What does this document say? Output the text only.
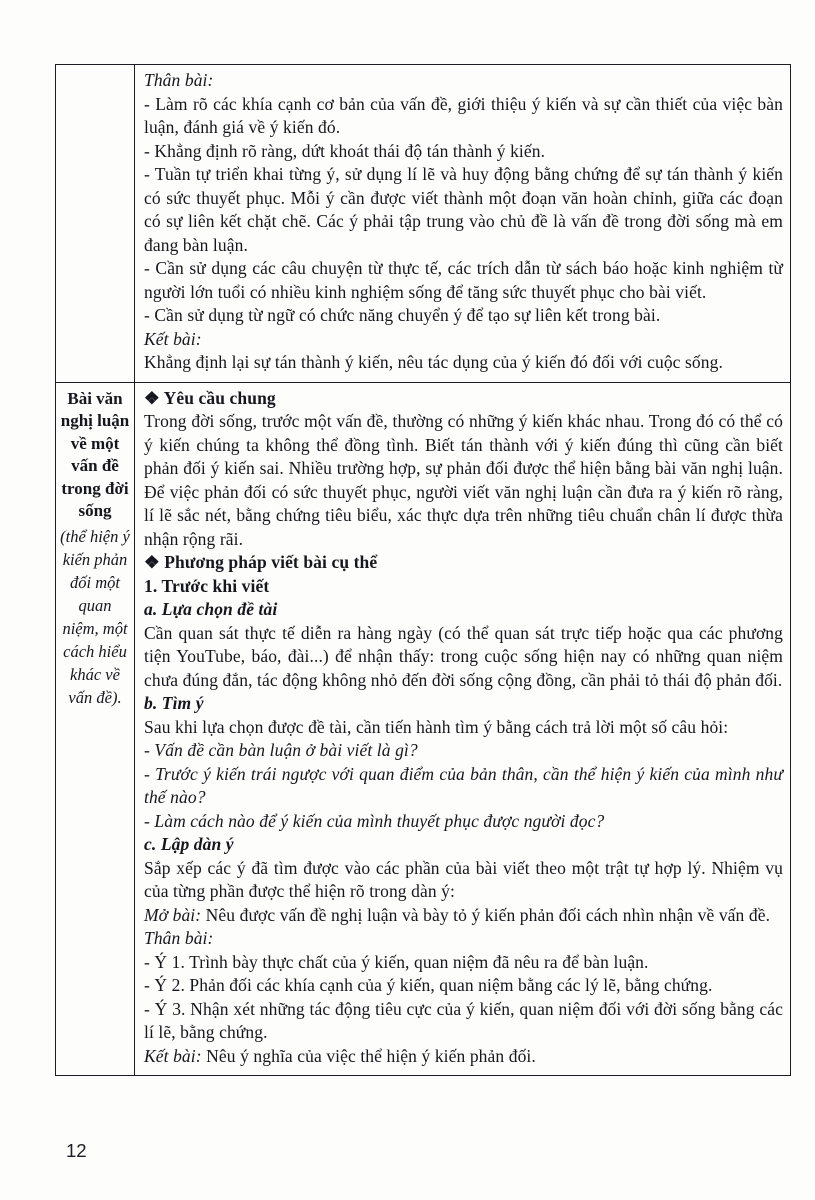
Thân bài:

- Làm rõ các khía cạnh cơ bản của vấn đề, giới thiệu ý kiến và sự cần thiết của việc bàn luận, đánh giá về ý kiến đó.

- Khẳng định rõ ràng, dứt khoát thái độ tán thành ý kiến.

- Tuần tự triển khai từng ý, sử dụng lí lẽ và huy động bằng chứng để sự tán thành ý kiến có sức thuyết phục. Mỗi ý cần được viết thành một đoạn văn hoàn chỉnh, giữa các đoạn có sự liên kết chặt chẽ. Các ý phải tập trung vào chủ đề là vấn đề trong đời sống mà em đang bàn luận.

- Cần sử dụng các câu chuyện từ thực tế, các trích dẫn từ sách báo hoặc kinh nghiệm từ người lớn tuổi có nhiều kinh nghiệm sống để tăng sức thuyết phục cho bài viết.

- Cần sử dụng từ ngữ có chức năng chuyển ý để tạo sự liên kết trong bài.

Kết bài:

Khẳng định lại sự tán thành ý kiến, nêu tác dụng của ý kiến đó đối với cuộc sống.

Bài văn nghị luận về một vấn đề trong đời sống
(thể hiện ý kiến phản đối một quan niệm, một cách hiểu khác về vấn đề).

❖ Yêu cầu chung

Trong đời sống, trước một vấn đề, thường có những ý kiến khác nhau. Trong đó có thể có ý kiến chúng ta không thể đồng tình. Biết tán thành với ý kiến đúng thì cũng cần biết phản đối ý kiến sai. Nhiều trường hợp, sự phản đối được thể hiện bằng bài văn nghị luận. Để việc phản đối có sức thuyết phục, người viết văn nghị luận cần đưa ra ý kiến rõ ràng, lí lẽ sắc nét, bằng chứng tiêu biểu, xác thực dựa trên những tiêu chuẩn chân lí được thừa nhận rộng rãi.

❖ Phương pháp viết bài cụ thể

1. Trước khi viết

a. Lựa chọn đề tài

Cần quan sát thực tế diễn ra hàng ngày (có thể quan sát trực tiếp hoặc qua các phương tiện YouTube, báo, đài...) để nhận thấy: trong cuộc sống hiện nay có những quan niệm chưa đúng đắn, tác động không nhỏ đến đời sống cộng đồng, cần phải tỏ thái độ phản đối.

b. Tìm ý

Sau khi lựa chọn được đề tài, cần tiến hành tìm ý bằng cách trả lời một số câu hỏi:

- Vấn đề cần bàn luận ở bài viết là gì?

- Trước ý kiến trái ngược với quan điểm của bản thân, cần thể hiện ý kiến của mình như thế nào?

- Làm cách nào để ý kiến của mình thuyết phục được người đọc?

c. Lập dàn ý

Sắp xếp các ý đã tìm được vào các phần của bài viết theo một trật tự hợp lý. Nhiệm vụ của từng phần được thể hiện rõ trong dàn ý:

Mở bài: Nêu được vấn đề nghị luận và bày tỏ ý kiến phản đối cách nhìn nhận về vấn đề.

Thân bài:

- Ý 1. Trình bày thực chất của ý kiến, quan niệm đã nêu ra để bàn luận.

- Ý 2. Phản đối các khía cạnh của ý kiến, quan niệm bằng các lý lẽ, bằng chứng.

- Ý 3. Nhận xét những tác động tiêu cực của ý kiến, quan niệm đối với đời sống bằng các lí lẽ, bằng chứng.

Kết bài: Nêu ý nghĩa của việc thể hiện ý kiến phản đối.

12
